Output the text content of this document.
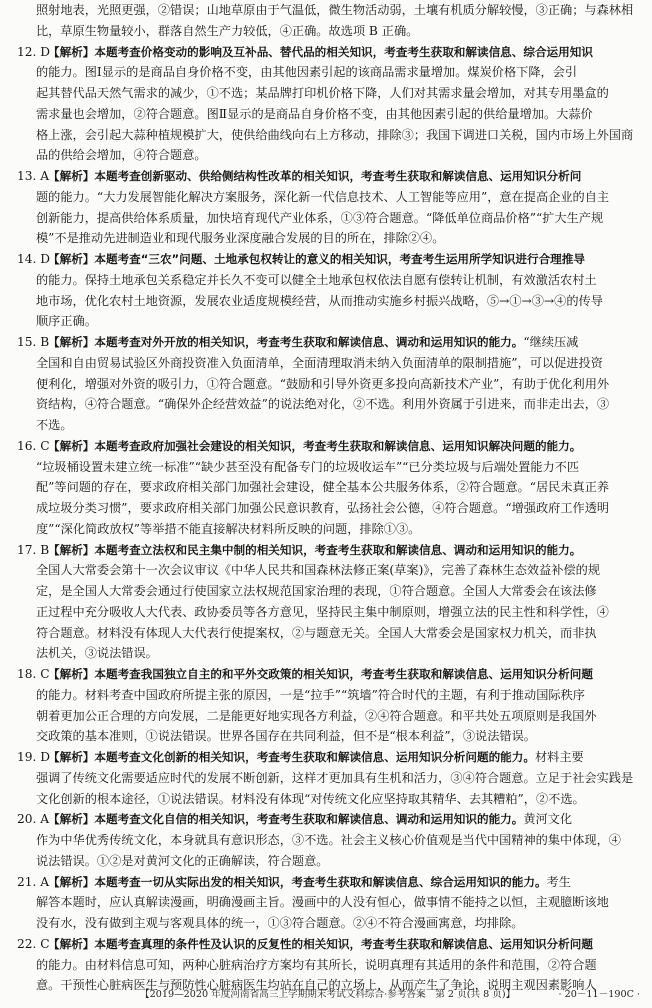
照射地表，光照更强，②错误；山地草原由于气温低，微生物活动弱，土壤有机质分解较慢，③正确；与森林相
比，草原生物量较小，群落自然生产力较低，④正确。故选项 B 正确。
12. D【解析】本题考查价格变动的影响及互补品、替代品的相关知识，考查考生获取和解读信息、综合运用知识
的能力。图Ⅰ显示的是商品自身价格不变，由其他因素引起的该商品需求量增加。煤炭价格下降，会引
起其替代品天然气需求的减少，①不选；某品牌打印机价格下降，人们对其需求量会增加，对其专用墨盒的
需求量也会增加，②符合题意。图Ⅱ显示的是商品自身价格不变，由其他因素引起的供给量增加。大蒜价
格上涨，会引起大蒜种植规模扩大，使供给曲线向右上方移动，排除③；我国下调进口关税，国内市场上外国商
品的供给会增加，④符合题意。
13. A【解析】本题考查创新驱动、供给侧结构性改革的相关知识，考查考生获取和解读信息、运用知识分析问
题的能力。“大力发展智能化解决方案服务，深化新一代信息技术、人工智能等应用”，意在提高企业的自主
创新能力，提高供给体系质量，加快培育现代产业体系，①③符合题意。“降低单位商品价格”“扩大生产规
模”不是推动先进制造业和现代服务业深度融合发展的目的所在，排除②④。
14. D【解析】本题考查“三农”问题、土地承包权转让的意义的相关知识，考查考生运用所学知识进行合理推导
的能力。保持土地承包关系稳定并长久不变可以健全土地承包权依法自愿有偿转让机制，有效激活农村土
地市场，优化农村土地资源，发展农业适度规模经营，从而推动实施乡村振兴战略，⑤→①→③→④的传导
顺序正确。
15. B【解析】本题考查对外开放的相关知识，考查考生获取和解读信息、调动和运用知识的能力。“继续压减
全国和自由贸易试验区外商投资准入负面清单，全面清理取消未纳入负面清单的限制措施”，可以促进投资
便利化，增强对外资的吸引力，①符合题意。“鼓励和引导外资更多投向高新技术产业”，有助于优化利用外
资结构，④符合题意。“确保外企经营效益”的说法绝对化，②不选。利用外资属于引进来，而非走出去，③
不选。
16. C【解析】本题考查政府加强社会建设的相关知识，考查考生获取和解读信息、运用知识解决问题的能力。
“垃圾桶设置未建立统一标准”“缺少甚至没有配备专门的垃圾收运车”“已分类垃圾与后端处置能力不匹
配”等问题的存在，要求政府相关部门加强社会建设，健全基本公共服务体系，②符合题意。“居民未真正养
成垃圾分类习惯”，要求政府相关部门加强公民意识教育，弘扬社会公德，④符合题意。“增强政府工作透明
度”“深化简政放权”等举措不能直接解决材料所反映的问题，排除①③。
17. B【解析】本题考查立法权和民主集中制的相关知识，考查考生获取和解读信息、调动和运用知识的能力。
全国人大常委会第十一次会议审议《中华人民共和国森林法修正案(草案)》，完善了森林生态效益补偿的规
定，是全国人大常委会通过行使国家立法权规范国家治理的表现，①符合题意。全国人大常委会在该法修
正过程中充分吸收人大代表、政协委员等各方意见，坚持民主集中制原则，增强立法的民主性和科学性，④
符合题意。材料没有体现人大代表行使提案权，②与题意无关。全国人大常委会是国家权力机关，而非执
法机关，③说法错误。
18. C【解析】本题考查我国独立自主的和平外交政策的相关知识，考查考生获取和解读信息、运用知识分析问题
的能力。材料考查中国政府所提主张的原因，一是“拉手”“筑墙”符合时代的主题，有利于推动国际秩序
朝着更加公正合理的方向发展，二是能更好地实现各方利益，②④符合题意。和平共处五项原则是我国外
交政策的基本准则，①说法错误。世界各国存在共同利益，但不是“根本利益”，③说法错误。
19. D【解析】本题考查文化创新的相关知识，考查考生获取和解读信息、运用知识分析问题的能力。材料主要
强调了传统文化需要适应时代的发展不断创新，这样才更加具有生机和活力，③④符合题意。立足于社会实践是
文化创新的根本途径，①说法错误。材料没有体现“对传统文化应坚持取其精华、去其糟粕”，②不选。
20. A【解析】本题考查文化自信的相关知识，考查考生获取和解读信息、调动和运用知识的能力。黄河文化
作为中华优秀传统文化，本身就具有意识形态，③不选。社会主义核心价值观是当代中国精神的集中体现，④
说法错误。①②是对黄河文化的正确解读，符合题意。
21. A【解析】本题考查一切从实际出发的相关知识，考查考生获取和解读信息、综合运用知识的能力。考生
解答本题时，应认真解读漫画，明确漫画主旨。漫画中的人没有恒心，做事情不能持之以恒，主观臆断该地
没有水，没有做到主观与客观具体的统一，①③符合题意。②④不符合漫画寓意，均排除。
22. C【解析】本题考查真理的条件性及认识的反复性的相关知识，考查考生获取和解读信息、运用知识分析问题
的能力。由材料信息可知，两种心脏病治疗方案均有其所长，说明真理有其适用的条件和范围，②符合题
意。干预性心脏病医生与预防性心脏病医生均站在自己的立场上，从而产生了争论，说明主观因素影响人
【2019—2020 年度河南省高三上学期期末考试文科综合·参考答案　第 2 页(共 8 页)】　　　　　· 20－11－190C ·
